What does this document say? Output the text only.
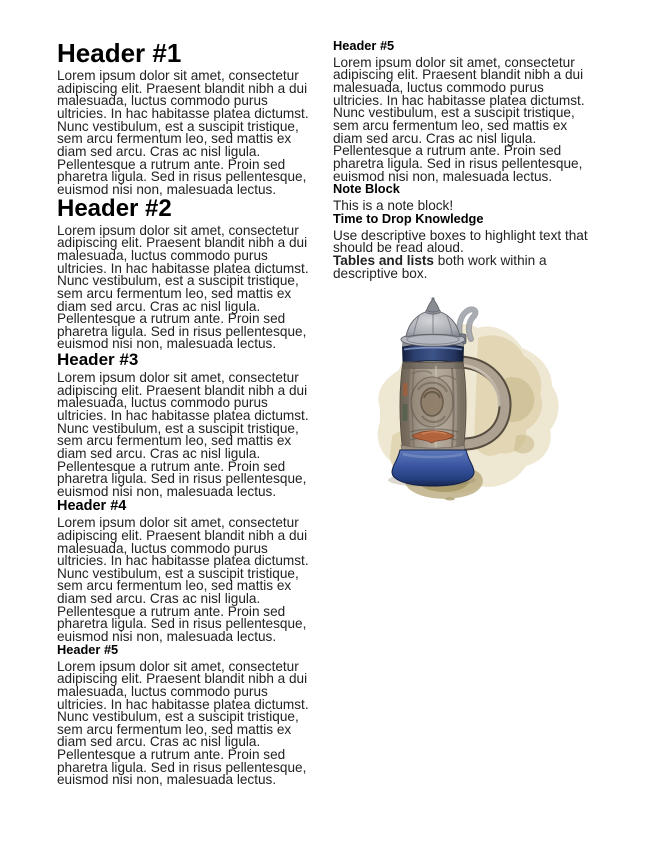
Header #1

Lorem ipsum dolor sit amet, consectetur
adipiscing elit. Praesent blandit nibh a dui
malesuada, luctus commodo purus
ultricies. In hac habitasse platea dictumst.
Nunc vestibulum, est a suscipit tristique,
sem arcu fermentum leo, sed mattis ex
diam sed arcu. Cras ac nisl ligula.
Pellentesque a rutrum ante. Proin sed
pharetra ligula. Sed in risus pellentesque,
euismod nisi non, malesuada lectus.

Header #2

Lorem ipsum dolor sit amet, consectetur
adipiscing elit. Praesent blandit nibh a dui
malesuada, luctus commodo purus
ultricies. In hac habitasse platea dictumst.
Nunc vestibulum, est a suscipit tristique,
sem arcu fermentum leo, sed mattis ex
diam sed arcu. Cras ac nisl ligula.
Pellentesque a rutrum ante. Proin sed
pharetra ligula. Sed in risus pellentesque,
euismod nisi non, malesuada lectus.

Header #3

Lorem ipsum dolor sit amet, consectetur
adipiscing elit. Praesent blandit nibh a dui
malesuada, luctus commodo purus
ultricies. In hac habitasse platea dictumst.
Nunc vestibulum, est a suscipit tristique,
sem arcu fermentum leo, sed mattis ex
diam sed arcu. Cras ac nisl ligula.
Pellentesque a rutrum ante. Proin sed
pharetra ligula. Sed in risus pellentesque,
euismod nisi non, malesuada lectus.

Header #4

Lorem ipsum dolor sit amet, consectetur
adipiscing elit. Praesent blandit nibh a dui
malesuada, luctus commodo purus
ultricies. In hac habitasse platea dictumst.
Nunc vestibulum, est a suscipit tristique,
sem arcu fermentum leo, sed mattis ex
diam sed arcu. Cras ac nisl ligula.
Pellentesque a rutrum ante. Proin sed
pharetra ligula. Sed in risus pellentesque,
euismod nisi non, malesuada lectus.

Header #5

Lorem ipsum dolor sit amet, consectetur
adipiscing elit. Praesent blandit nibh a dui
malesuada, luctus commodo purus
ultricies. In hac habitasse platea dictumst.
Nunc vestibulum, est a suscipit tristique,
sem arcu fermentum leo, sed mattis ex
diam sed arcu. Cras ac nisl ligula.
Pellentesque a rutrum ante. Proin sed
pharetra ligula. Sed in risus pellentesque,
euismod nisi non, malesuada lectus.

Header #5

Lorem ipsum dolor sit amet, consectetur
adipiscing elit. Praesent blandit nibh a dui
malesuada, luctus commodo purus
ultricies. In hac habitasse platea dictumst.
Nunc vestibulum, est a suscipit tristique,
sem arcu fermentum leo, sed mattis ex
diam sed arcu. Cras ac nisl ligula.
Pellentesque a rutrum ante. Proin sed
pharetra ligula. Sed in risus pellentesque,
euismod nisi non, malesuada lectus.

Note Block

This is a note block!

Time to Drop Knowledge

Use descriptive boxes to highlight text that should be read aloud.

Tables and lists both work within a descriptive box.
